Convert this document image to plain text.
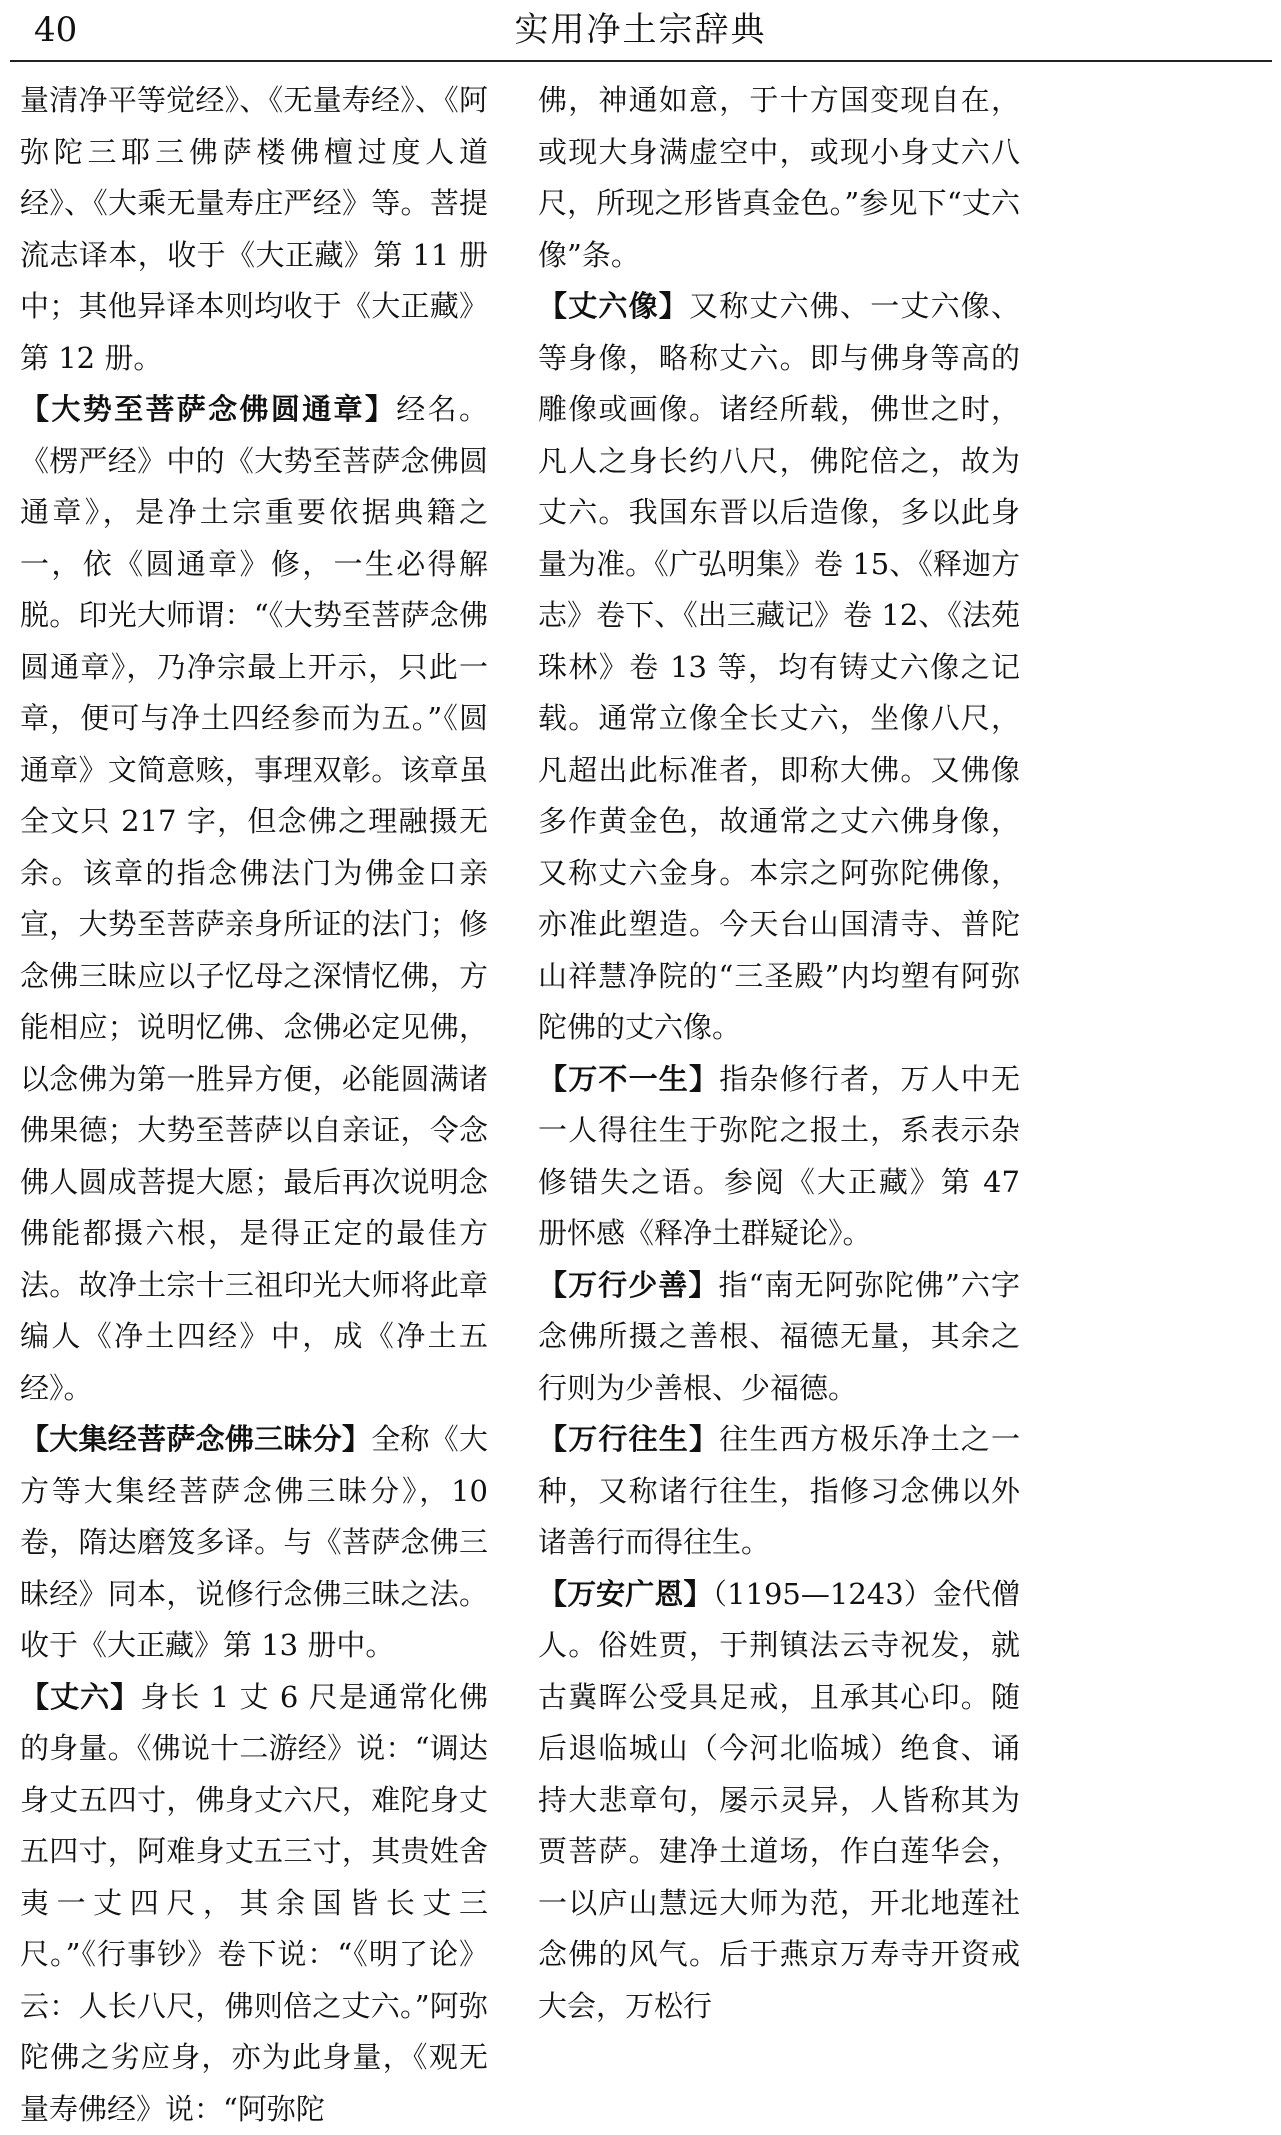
40	实用净土宗辞典

量清净平等觉经》、《无量寿经》、《阿弥陀三耶三佛萨楼佛檀过度人道经》、《大乘无量寿庄严经》等。菩提流志译本，收于《大正藏》第 11 册中；其他异译本则均收于《大正藏》第 12 册。

【大势至菩萨念佛圆通章】经名。《楞严经》中的《大势至菩萨念佛圆通章》，是净土宗重要依据典籍之一，依《圆通章》修，一生必得解脱。印光大师谓：“《大势至菩萨念佛圆通章》，乃净宗最上开示，只此一章，便可与净土四经参而为五。”《圆通章》文简意赅，事理双彰。该章虽全文只 217 字，但念佛之理融摄无余。该章的指念佛法门为佛金口亲宣，大势至菩萨亲身所证的法门；修念佛三昧应以子忆母之深情忆佛，方能相应；说明忆佛、念佛必定见佛，以念佛为第一胜异方便，必能圆满诸佛果德；大势至菩萨以自亲证，令念佛人圆成菩提大愿；最后再次说明念佛能都摄六根，是得正定的最佳方法。故净土宗十三祖印光大师将此章编人《净土四经》中，成《净土五经》。

【大集经菩萨念佛三昧分】全称《大方等大集经菩萨念佛三昧分》，10 卷，隋达磨笈多译。与《菩萨念佛三昧经》同本，说修行念佛三昧之法。收于《大正藏》第 13 册中。

【丈六】身长 1 丈 6 尺是通常化佛的身量。《佛说十二游经》说：“调达身丈五四寸，佛身丈六尺，难陀身丈五四寸，阿难身丈五三寸，其贵姓舍夷一丈四尺，其余国皆长丈三尺。”《行事钞》卷下说：“《明了论》云：人长八尺，佛则倍之丈六。”阿弥陀佛之劣应身，亦为此身量，《观无量寿佛经》说：“阿弥陀

佛，神通如意，于十方国变现自在，或现大身满虚空中，或现小身丈六八尺，所现之形皆真金色。”参见下“丈六像”条。

【丈六像】又称丈六佛、一丈六像、等身像，略称丈六。即与佛身等高的雕像或画像。诸经所载，佛世之时，凡人之身长约八尺，佛陀倍之，故为丈六。我国东晋以后造像，多以此身量为准。《广弘明集》卷 15、《释迦方志》卷下、《出三藏记》卷 12、《法苑珠林》卷 13 等，均有铸丈六像之记载。通常立像全长丈六，坐像八尺，凡超出此标准者，即称大佛。又佛像多作黄金色，故通常之丈六佛身像，又称丈六金身。本宗之阿弥陀佛像，亦准此塑造。今天台山国清寺、普陀山祥慧净院的“三圣殿”内均塑有阿弥陀佛的丈六像。

【万不一生】指杂修行者，万人中无一人得往生于弥陀之报土，系表示杂修错失之语。参阅《大正藏》第 47 册怀感《释净土群疑论》。

【万行少善】指“南无阿弥陀佛”六字念佛所摄之善根、福德无量，其余之行则为少善根、少福德。

【万行往生】往生西方极乐净土之一种，又称诸行往生，指修习念佛以外诸善行而得往生。

【万安广恩】（1195—1243）金代僧人。俗姓贾，于荆镇法云寺祝发，就古冀晖公受具足戒，且承其心印。随后退临城山（今河北临城）绝食、诵持大悲章句，屡示灵异，人皆称其为贾菩萨。建净土道场，作白莲华会，一以庐山慧远大师为范，开北地莲社念佛的风气。后于燕京万寿寺开资戒大会，万松行
